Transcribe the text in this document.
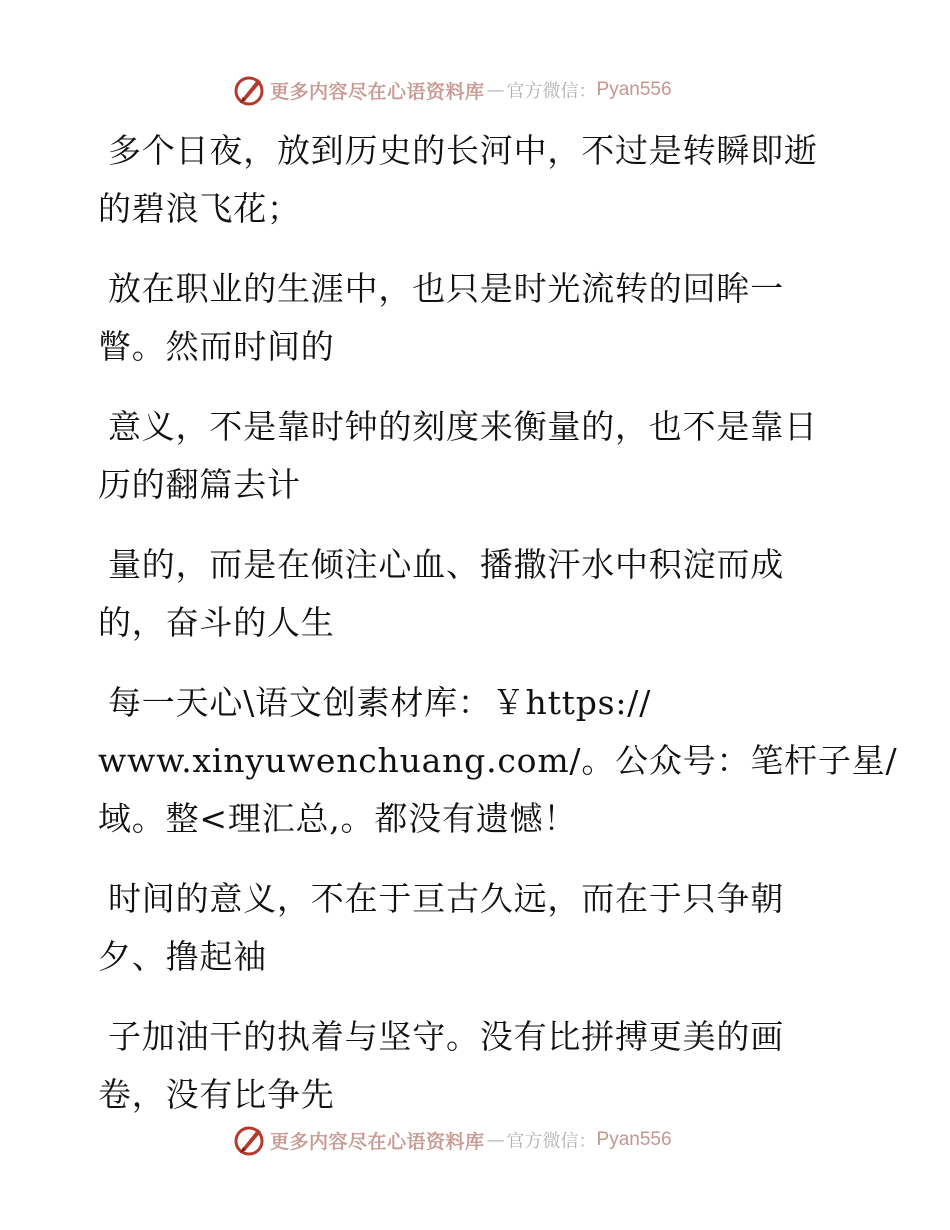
更多内容尽在心语资料库 — 官方微信： Pyan556

多个日夜，放到历史的长河中，不过是转瞬即逝
的碧浪飞花；

放在职业的生涯中，也只是时光流转的回眸一
瞥。然而时间的

意义，不是靠时钟的刻度来衡量的，也不是靠日
历的翻篇去计

量的，而是在倾注心血、播撒汗水中积淀而成
的，奋斗的人生

每一天心\语文创素材库：￥https://
www.xinyuwenchuang.com/。公众号：笔杆子星/
域。整<理汇总,。都没有遗憾！

时间的意义，不在于亘古久远，而在于只争朝
夕、撸起袖

子加油干的执着与坚守。没有比拼搏更美的画
卷，没有比争先

更多内容尽在心语资料库 — 官方微信： Pyan556
